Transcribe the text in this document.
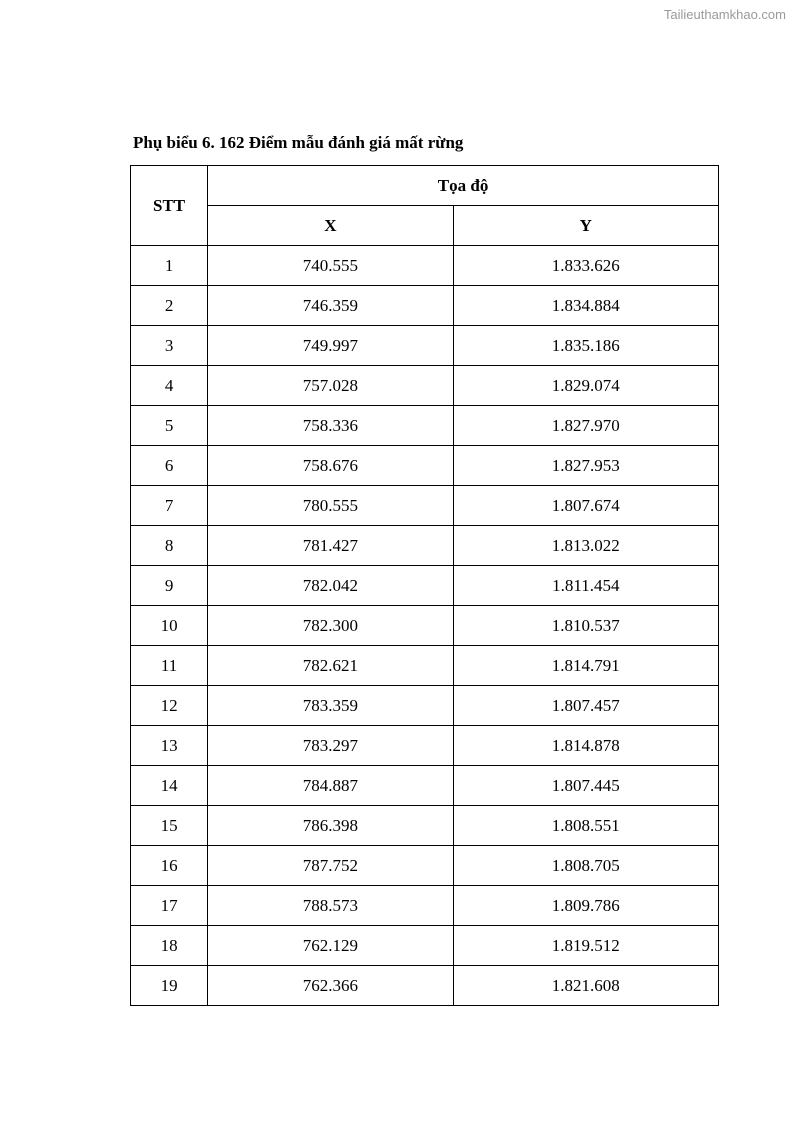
Tailieuthamkhao.com
Phụ biểu 6. 162 Điểm mẫu đánh giá mất rừng
STT	Tọa độ	
	X	Y
1	740.555	1.833.626
2	746.359	1.834.884
3	749.997	1.835.186
4	757.028	1.829.074
5	758.336	1.827.970
6	758.676	1.827.953
7	780.555	1.807.674
8	781.427	1.813.022
9	782.042	1.811.454
10	782.300	1.810.537
11	782.621	1.814.791
12	783.359	1.807.457
13	783.297	1.814.878
14	784.887	1.807.445
15	786.398	1.808.551
16	787.752	1.808.705
17	788.573	1.809.786
18	762.129	1.819.512
19	762.366	1.821.608
